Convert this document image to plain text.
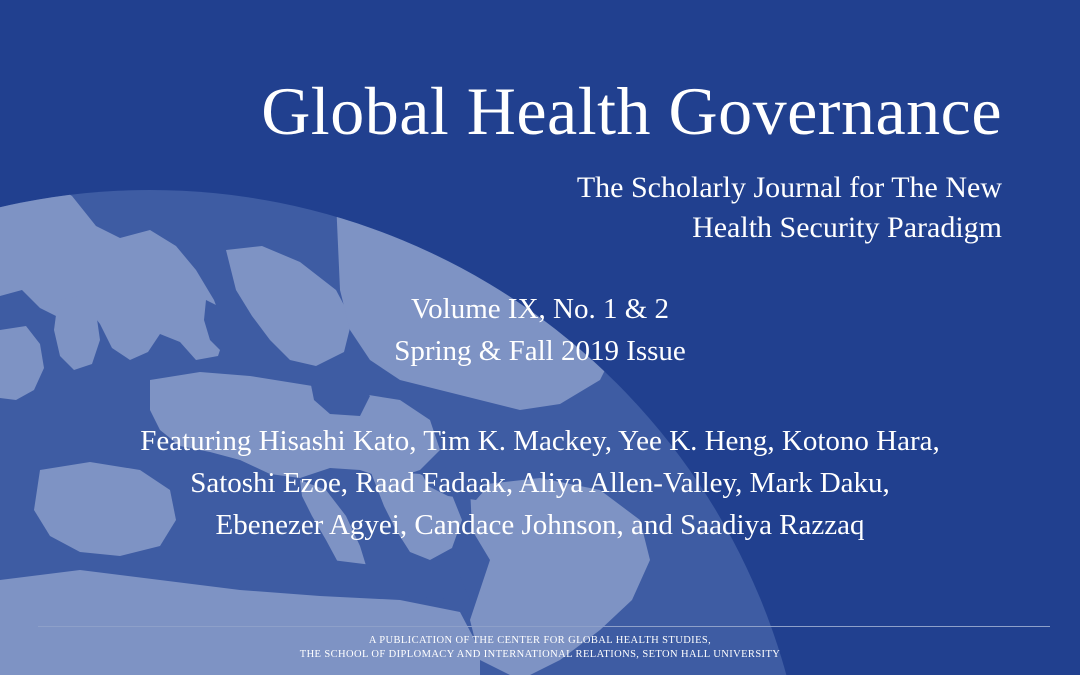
Global Health Governance

The Scholarly Journal for The New
Health Security Paradigm

Volume IX, No. 1 & 2
Spring & Fall 2019 Issue

Featuring Hisashi Kato, Tim K. Mackey, Yee K. Heng, Kotono Hara,
Satoshi Ezoe, Raad Fadaak, Aliya Allen-Valley, Mark Daku,
Ebenezer Agyei, Candace Johnson, and Saadiya Razzaq

A PUBLICATION OF THE CENTER FOR GLOBAL HEALTH STUDIES,
THE SCHOOL OF DIPLOMACY AND INTERNATIONAL RELATIONS, SETON HALL UNIVERSITY
